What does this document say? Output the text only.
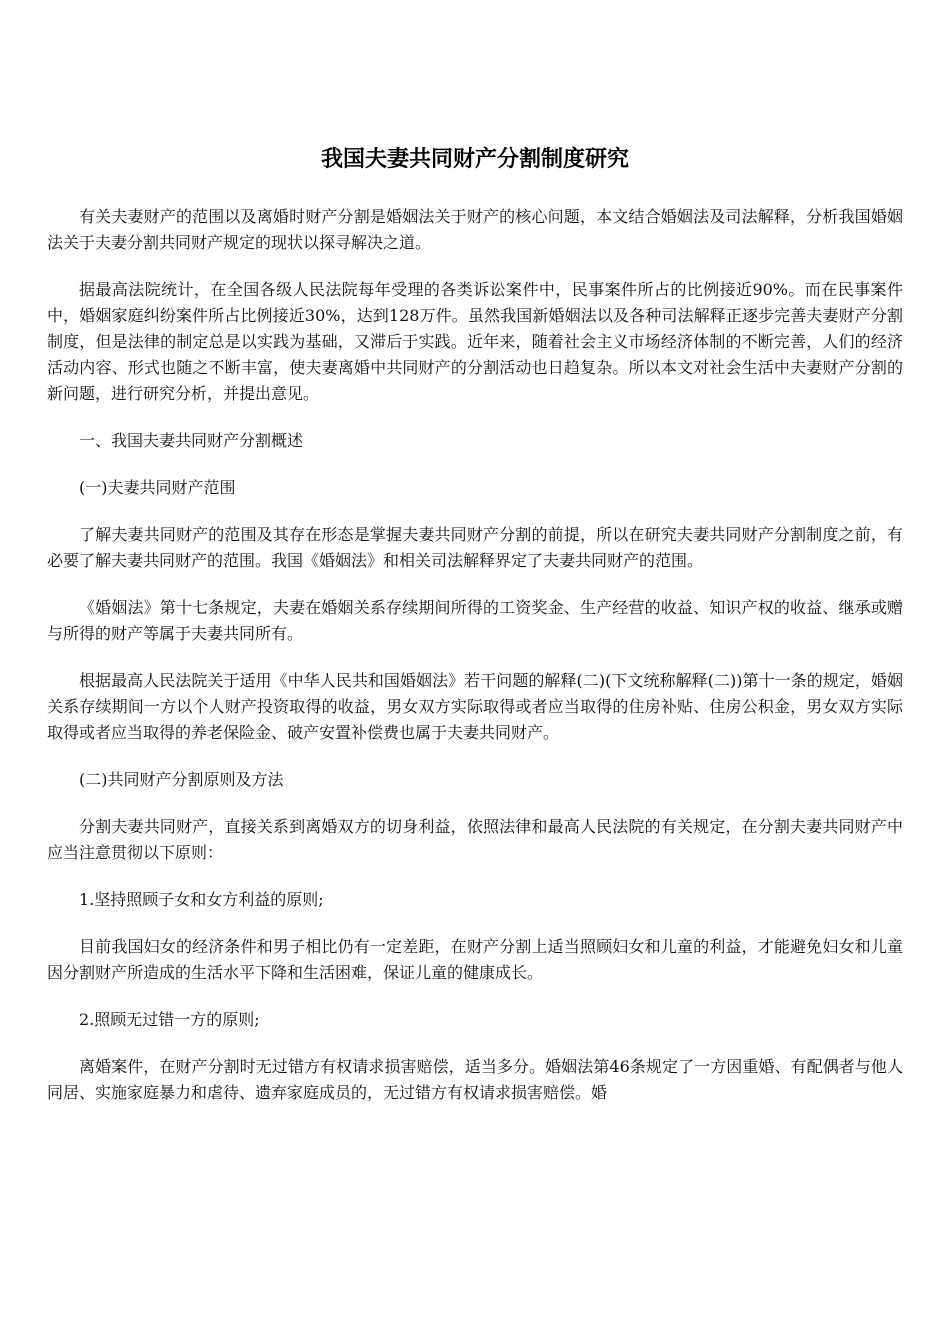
我国夫妻共同财产分割制度研究

有关夫妻财产的范围以及离婚时财产分割是婚姻法关于财产的核心问题，本文结合婚姻法及司法解释，分析我国婚姻法关于夫妻分割共同财产规定的现状以探寻解决之道。

据最高法院统计，在全国各级人民法院每年受理的各类诉讼案件中，民事案件所占的比例接近90%。而在民事案件中，婚姻家庭纠纷案件所占比例接近30%，达到128万件。虽然我国新婚姻法以及各种司法解释正逐步完善夫妻财产分割制度，但是法律的制定总是以实践为基础，又滞后于实践。近年来，随着社会主义市场经济体制的不断完善，人们的经济活动内容、形式也随之不断丰富，使夫妻离婚中共同财产的分割活动也日趋复杂。所以本文对社会生活中夫妻财产分割的新问题，进行研究分析，并提出意见。

一、我国夫妻共同财产分割概述

(一)夫妻共同财产范围

了解夫妻共同财产的范围及其存在形态是掌握夫妻共同财产分割的前提，所以在研究夫妻共同财产分割制度之前，有必要了解夫妻共同财产的范围。我国《婚姻法》和相关司法解释界定了夫妻共同财产的范围。

《婚姻法》第十七条规定，夫妻在婚姻关系存续期间所得的工资奖金、生产经营的收益、知识产权的收益、继承或赠与所得的财产等属于夫妻共同所有。

根据最高人民法院关于适用《中华人民共和国婚姻法》若干问题的解释(二)(下文统称解释(二))第十一条的规定，婚姻关系存续期间一方以个人财产投资取得的收益，男女双方实际取得或者应当取得的住房补贴、住房公积金，男女双方实际取得或者应当取得的养老保险金、破产安置补偿费也属于夫妻共同财产。

(二)共同财产分割原则及方法

分割夫妻共同财产，直接关系到离婚双方的切身利益，依照法律和最高人民法院的有关规定，在分割夫妻共同财产中应当注意贯彻以下原则：

1.坚持照顾子女和女方利益的原则;

目前我国妇女的经济条件和男子相比仍有一定差距，在财产分割上适当照顾妇女和儿童的利益，才能避免妇女和儿童因分割财产所造成的生活水平下降和生活困难，保证儿童的健康成长。

2.照顾无过错一方的原则;

离婚案件，在财产分割时无过错方有权请求损害赔偿，适当多分。婚姻法第46条规定了一方因重婚、有配偶者与他人同居、实施家庭暴力和虐待、遗弃家庭成员的，无过错方有权请求损害赔偿。婚
